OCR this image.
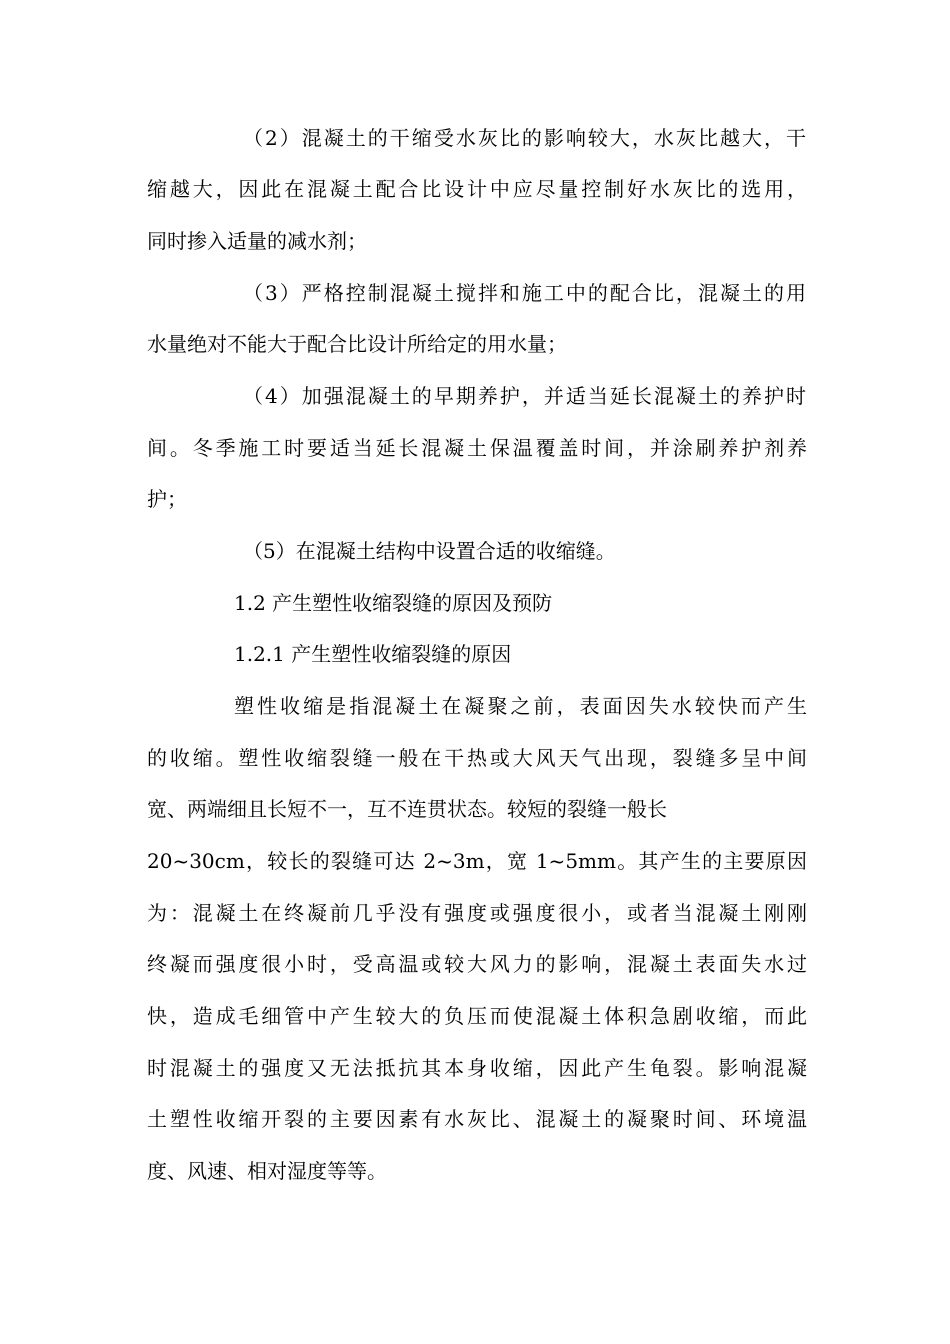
（2）混凝土的干缩受水灰比的影响较大，水灰比越大，干
缩越大，因此在混凝土配合比设计中应尽量控制好水灰比的选用，
同时掺入适量的减水剂；
（3）严格控制混凝土搅拌和施工中的配合比，混凝土的用
水量绝对不能大于配合比设计所给定的用水量；
（4）加强混凝土的早期养护，并适当延长混凝土的养护时
间。冬季施工时要适当延长混凝土保温覆盖时间，并涂刷养护剂养
护；
（5）在混凝土结构中设置合适的收缩缝。
1.2 产生塑性收缩裂缝的原因及预防
1.2.1 产生塑性收缩裂缝的原因
塑性收缩是指混凝土在凝聚之前，表面因失水较快而产生
的收缩。塑性收缩裂缝一般在干热或大风天气出现，裂缝多呈中间
宽、两端细且长短不一，互不连贯状态。较短的裂缝一般长
20~30cm，较长的裂缝可达 2~3m，宽 1~5mm。其产生的主要原因
为：混凝土在终凝前几乎没有强度或强度很小，或者当混凝土刚刚
终凝而强度很小时，受高温或较大风力的影响，混凝土表面失水过
快，造成毛细管中产生较大的负压而使混凝土体积急剧收缩，而此
时混凝土的强度又无法抵抗其本身收缩，因此产生龟裂。影响混凝
土塑性收缩开裂的主要因素有水灰比、混凝土的凝聚时间、环境温
度、风速、相对湿度等等。
